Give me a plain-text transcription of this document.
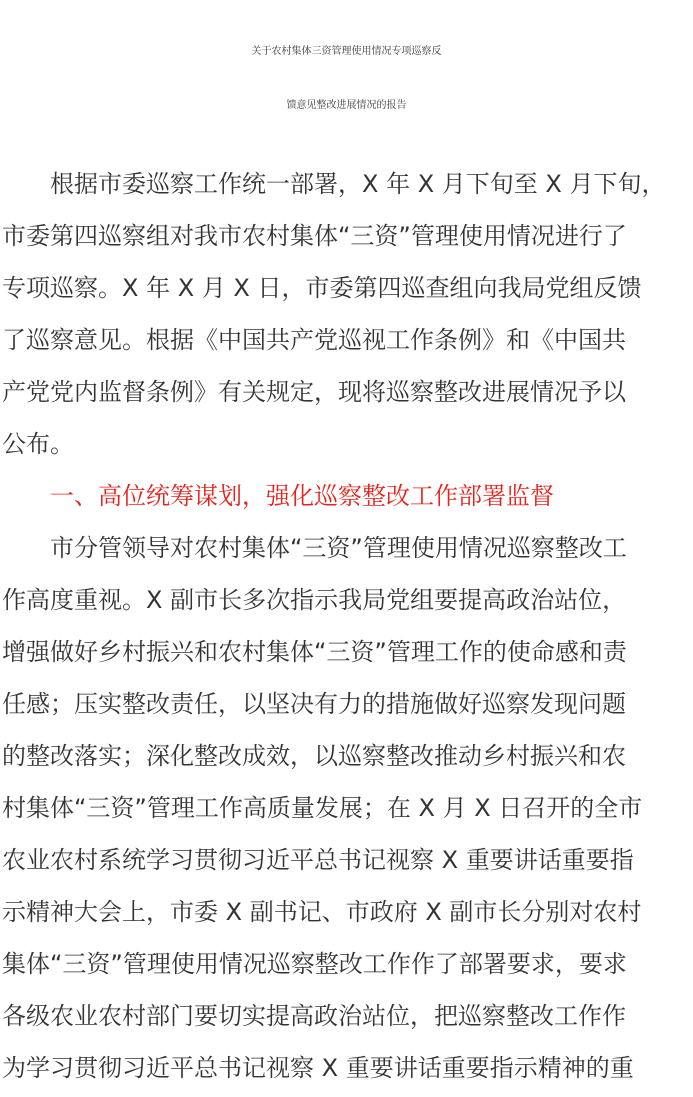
关于农村集体三资管理使用情况专项巡察反
馈意见整改进展情况的报告
　　根据市委巡察工作统一部署，X 年 X 月下旬至 X 月下旬，
市委第四巡察组对我市农村集体“三资”管理使用情况进行了
专项巡察。X 年 X 月 X 日，市委第四巡查组向我局党组反馈
了巡察意见。根据《中国共产党巡视工作条例》和《中国共
产党党内监督条例》有关规定，现将巡察整改进展情况予以
公布。
　　一、高位统筹谋划，强化巡察整改工作部署监督
　　市分管领导对农村集体“三资”管理使用情况巡察整改工
作高度重视。X 副市长多次指示我局党组要提高政治站位，
增强做好乡村振兴和农村集体“三资”管理工作的使命感和责
任感；压实整改责任，以坚决有力的措施做好巡察发现问题
的整改落实；深化整改成效，以巡察整改推动乡村振兴和农
村集体“三资”管理工作高质量发展；在 X 月 X 日召开的全市
农业农村系统学习贯彻习近平总书记视察 X 重要讲话重要指
示精神大会上，市委 X 副书记、市政府 X 副市长分别对农村
集体“三资”管理使用情况巡察整改工作作了部署要求，要求
各级农业农村部门要切实提高政治站位，把巡察整改工作作
为学习贯彻习近平总书记视察 X 重要讲话重要指示精神的重
